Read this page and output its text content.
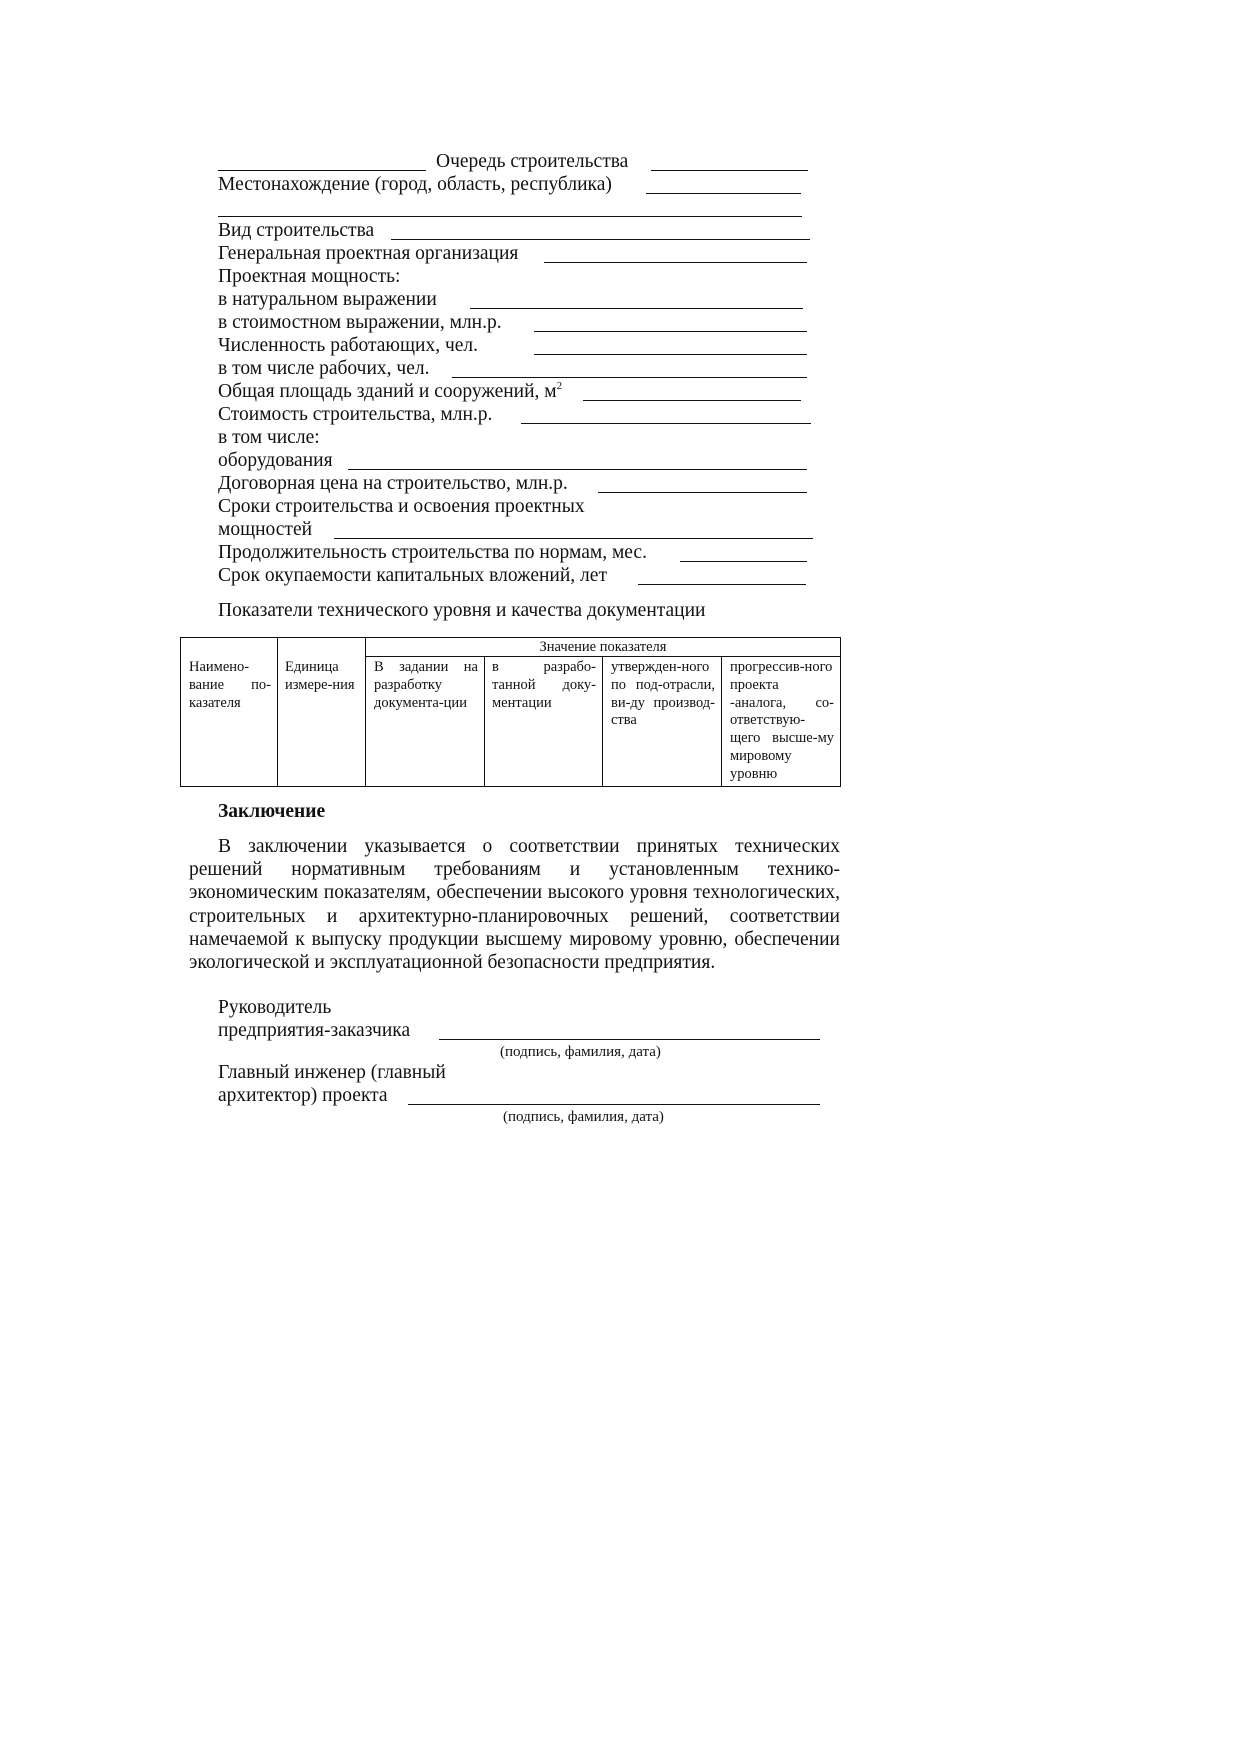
Очередь строительства
Местонахождение (город, область, республика)
Вид строительства
Генеральная проектная организация
Проектная мощность:
в натуральном выражении
в стоимостном выражении, млн.р.
Численность работающих, чел.
в том числе рабочих, чел.
Общая площадь зданий и сооружений, $м^2$
Стоимость строительства, млн.р.
в том числе:
оборудования
Договорная цена на строительство, млн.р.
Сроки строительства и освоения проектных
мощностей
Продолжительность строительства по нормам, мес.
Срок окупаемости капитальных вложений, лет
Показатели технического уровня и качества документации
Значение показателя
Наимено-вание по-казателя
Единица измере-ния
В задании на разработку документа-ции
в разрабо-танной доку-ментации
утвержден-ного по под-отрасли, ви-ду производ-ства
прогрессив-ного проекта -аналога, со-ответствую-щего высше-му мировому уровню
Заключение
В заключении указывается о соответствии принятых технических решений нормативным требованиям и установленным технико-экономическим показателям, обеспечении высокого уровня технологических, строительных и архитектурно-планировочных решений, соответствии намечаемой к выпуску продукции высшему мировому уровню, обеспечении экологической и эксплуатационной безопасности предприятия.
Руководитель
предприятия-заказчика
(подпись, фамилия, дата)
Главный инженер (главный
архитектор) проекта
(подпись, фамилия, дата)
